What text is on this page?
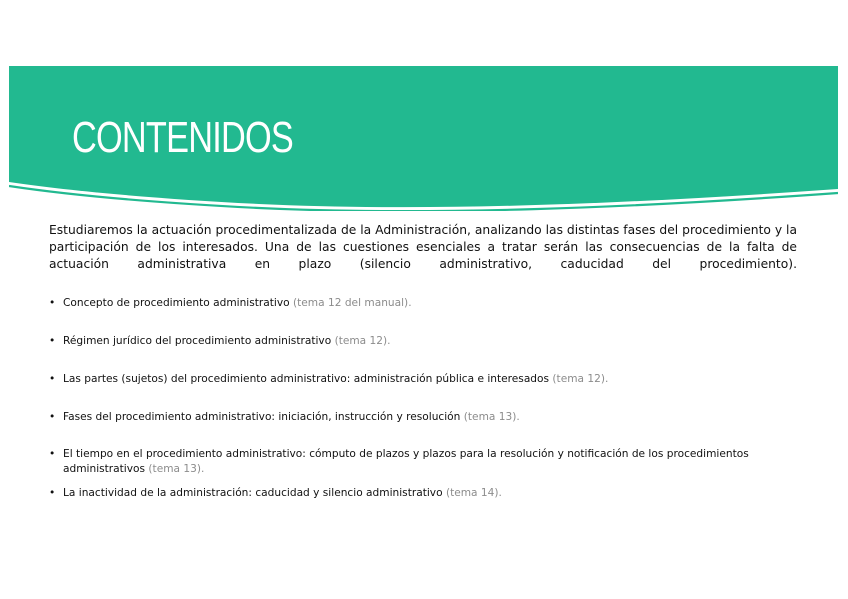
CONTENIDOS

Estudiaremos la actuación procedimentalizada de la Administración, analizando las distintas fases del procedimiento y la participación de los interesados. Una de las cuestiones esenciales a tratar serán las consecuencias de la falta de actuación administrativa en plazo (silencio administrativo, caducidad del procedimiento).

• Concepto de procedimiento administrativo (tema 12 del manual).
• Régimen jurídico del procedimiento administrativo (tema 12).
• Las partes (sujetos) del procedimiento administrativo: administración pública e interesados (tema 12).
• Fases del procedimiento administrativo: iniciación, instrucción y resolución (tema 13).
• El tiempo en el procedimiento administrativo: cómputo de plazos y plazos para la resolución y notificación de los procedimientos administrativos (tema 13).
• La inactividad de la administración: caducidad y silencio administrativo (tema 14).
